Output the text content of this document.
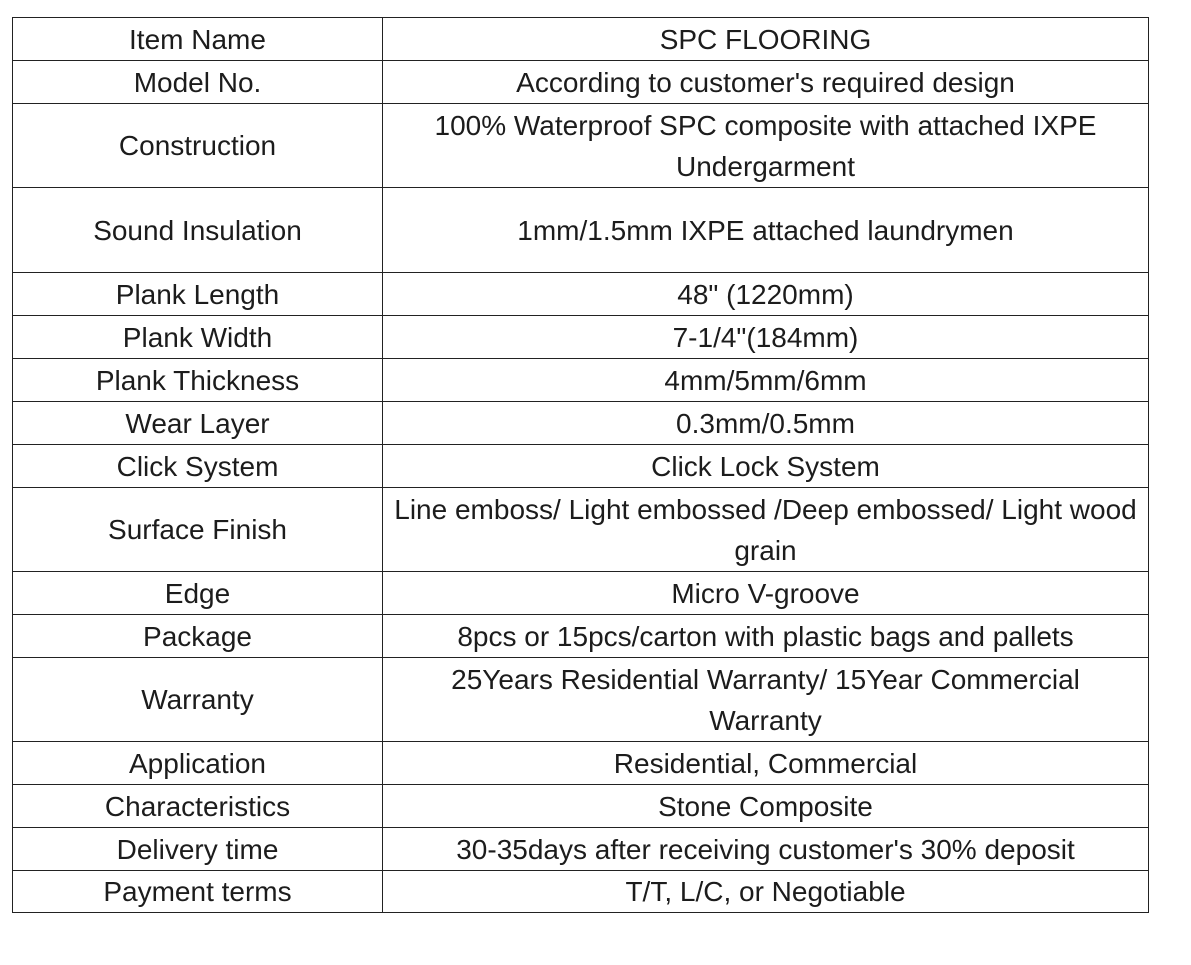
Item Name	SPC FLOORING
Model No.	According to customer's required design
Construction	100% Waterproof SPC composite with attached IXPE Undergarment
Sound Insulation	1mm/1.5mm IXPE attached laundrymen
Plank Length	48" (1220mm)
Plank Width	7-1/4"(184mm)
Plank Thickness	4mm/5mm/6mm
Wear Layer	0.3mm/0.5mm
Click System	Click Lock System
Surface Finish	Line emboss/ Light embossed /Deep embossed/ Light wood grain
Edge	Micro V-groove
Package	8pcs or 15pcs/carton with plastic bags and pallets
Warranty	25Years Residential Warranty/ 15Year Commercial Warranty
Application	Residential, Commercial
Characteristics	Stone Composite
Delivery time	30-35days after receiving customer's 30% deposit
Payment terms	T/T, L/C, or Negotiable
